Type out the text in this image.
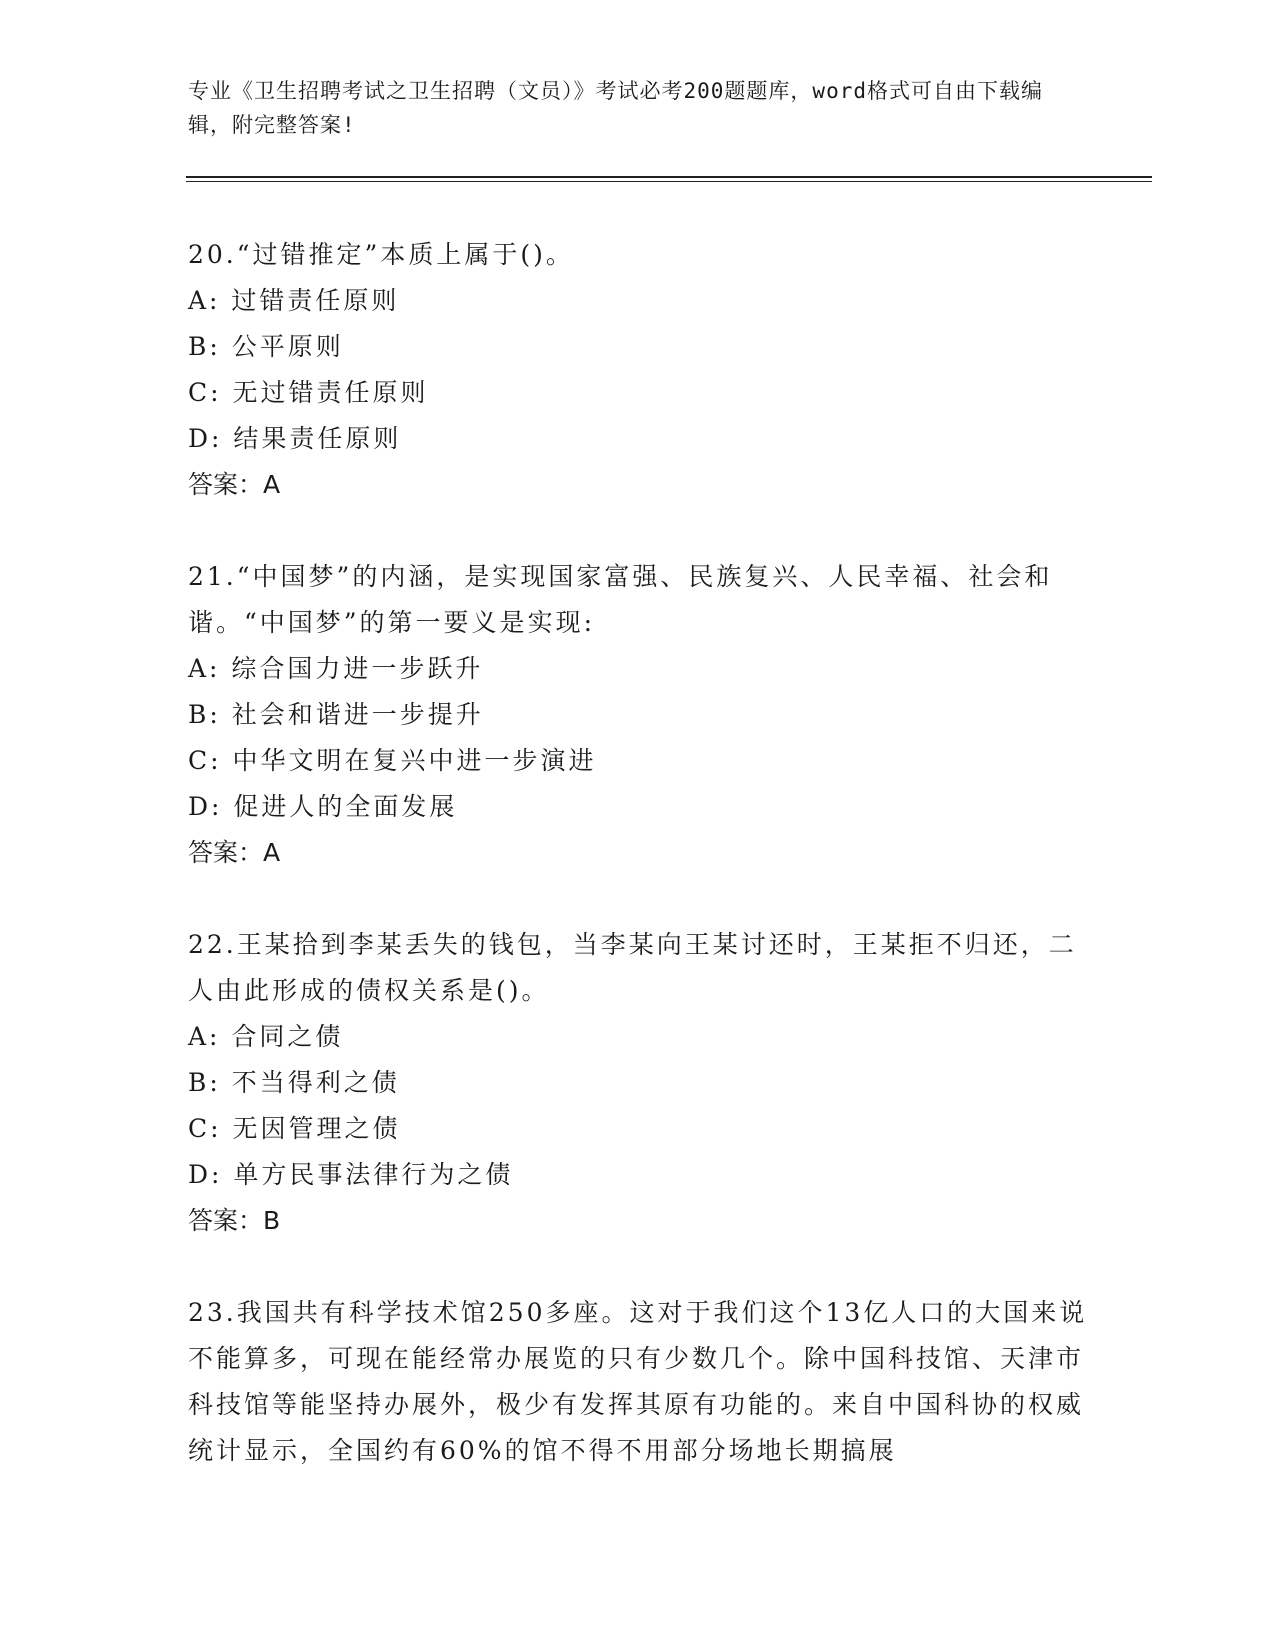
专业《卫生招聘考试之卫生招聘（文员）》考试必考200题题库，word格式可自由下载编辑，附完整答案!

20.“过错推定”本质上属于()。

A: 过错责任原则

B: 公平原则

C: 无过错责任原则

D: 结果责任原则

答案：A

21.“中国梦”的内涵，是实现国家富强、民族复兴、人民幸福、社会和谐。“中国梦”的第一要义是实现:

A: 综合国力进一步跃升

B: 社会和谐进一步提升

C: 中华文明在复兴中进一步演进

D: 促进人的全面发展

答案：A

22.王某拾到李某丢失的钱包，当李某向王某讨还时，王某拒不归还，二人由此形成的债权关系是()。

A: 合同之债

B: 不当得利之债

C: 无因管理之债

D: 单方民事法律行为之债

答案：B

23.我国共有科学技术馆250多座。这对于我们这个13亿人口的大国来说不能算多，可现在能经常办展览的只有少数几个。除中国科技馆、天津市科技馆等能坚持办展外，极少有发挥其原有功能的。来自中国科协的权威统计显示，全国约有60%的馆不得不用部分场地长期搞展
